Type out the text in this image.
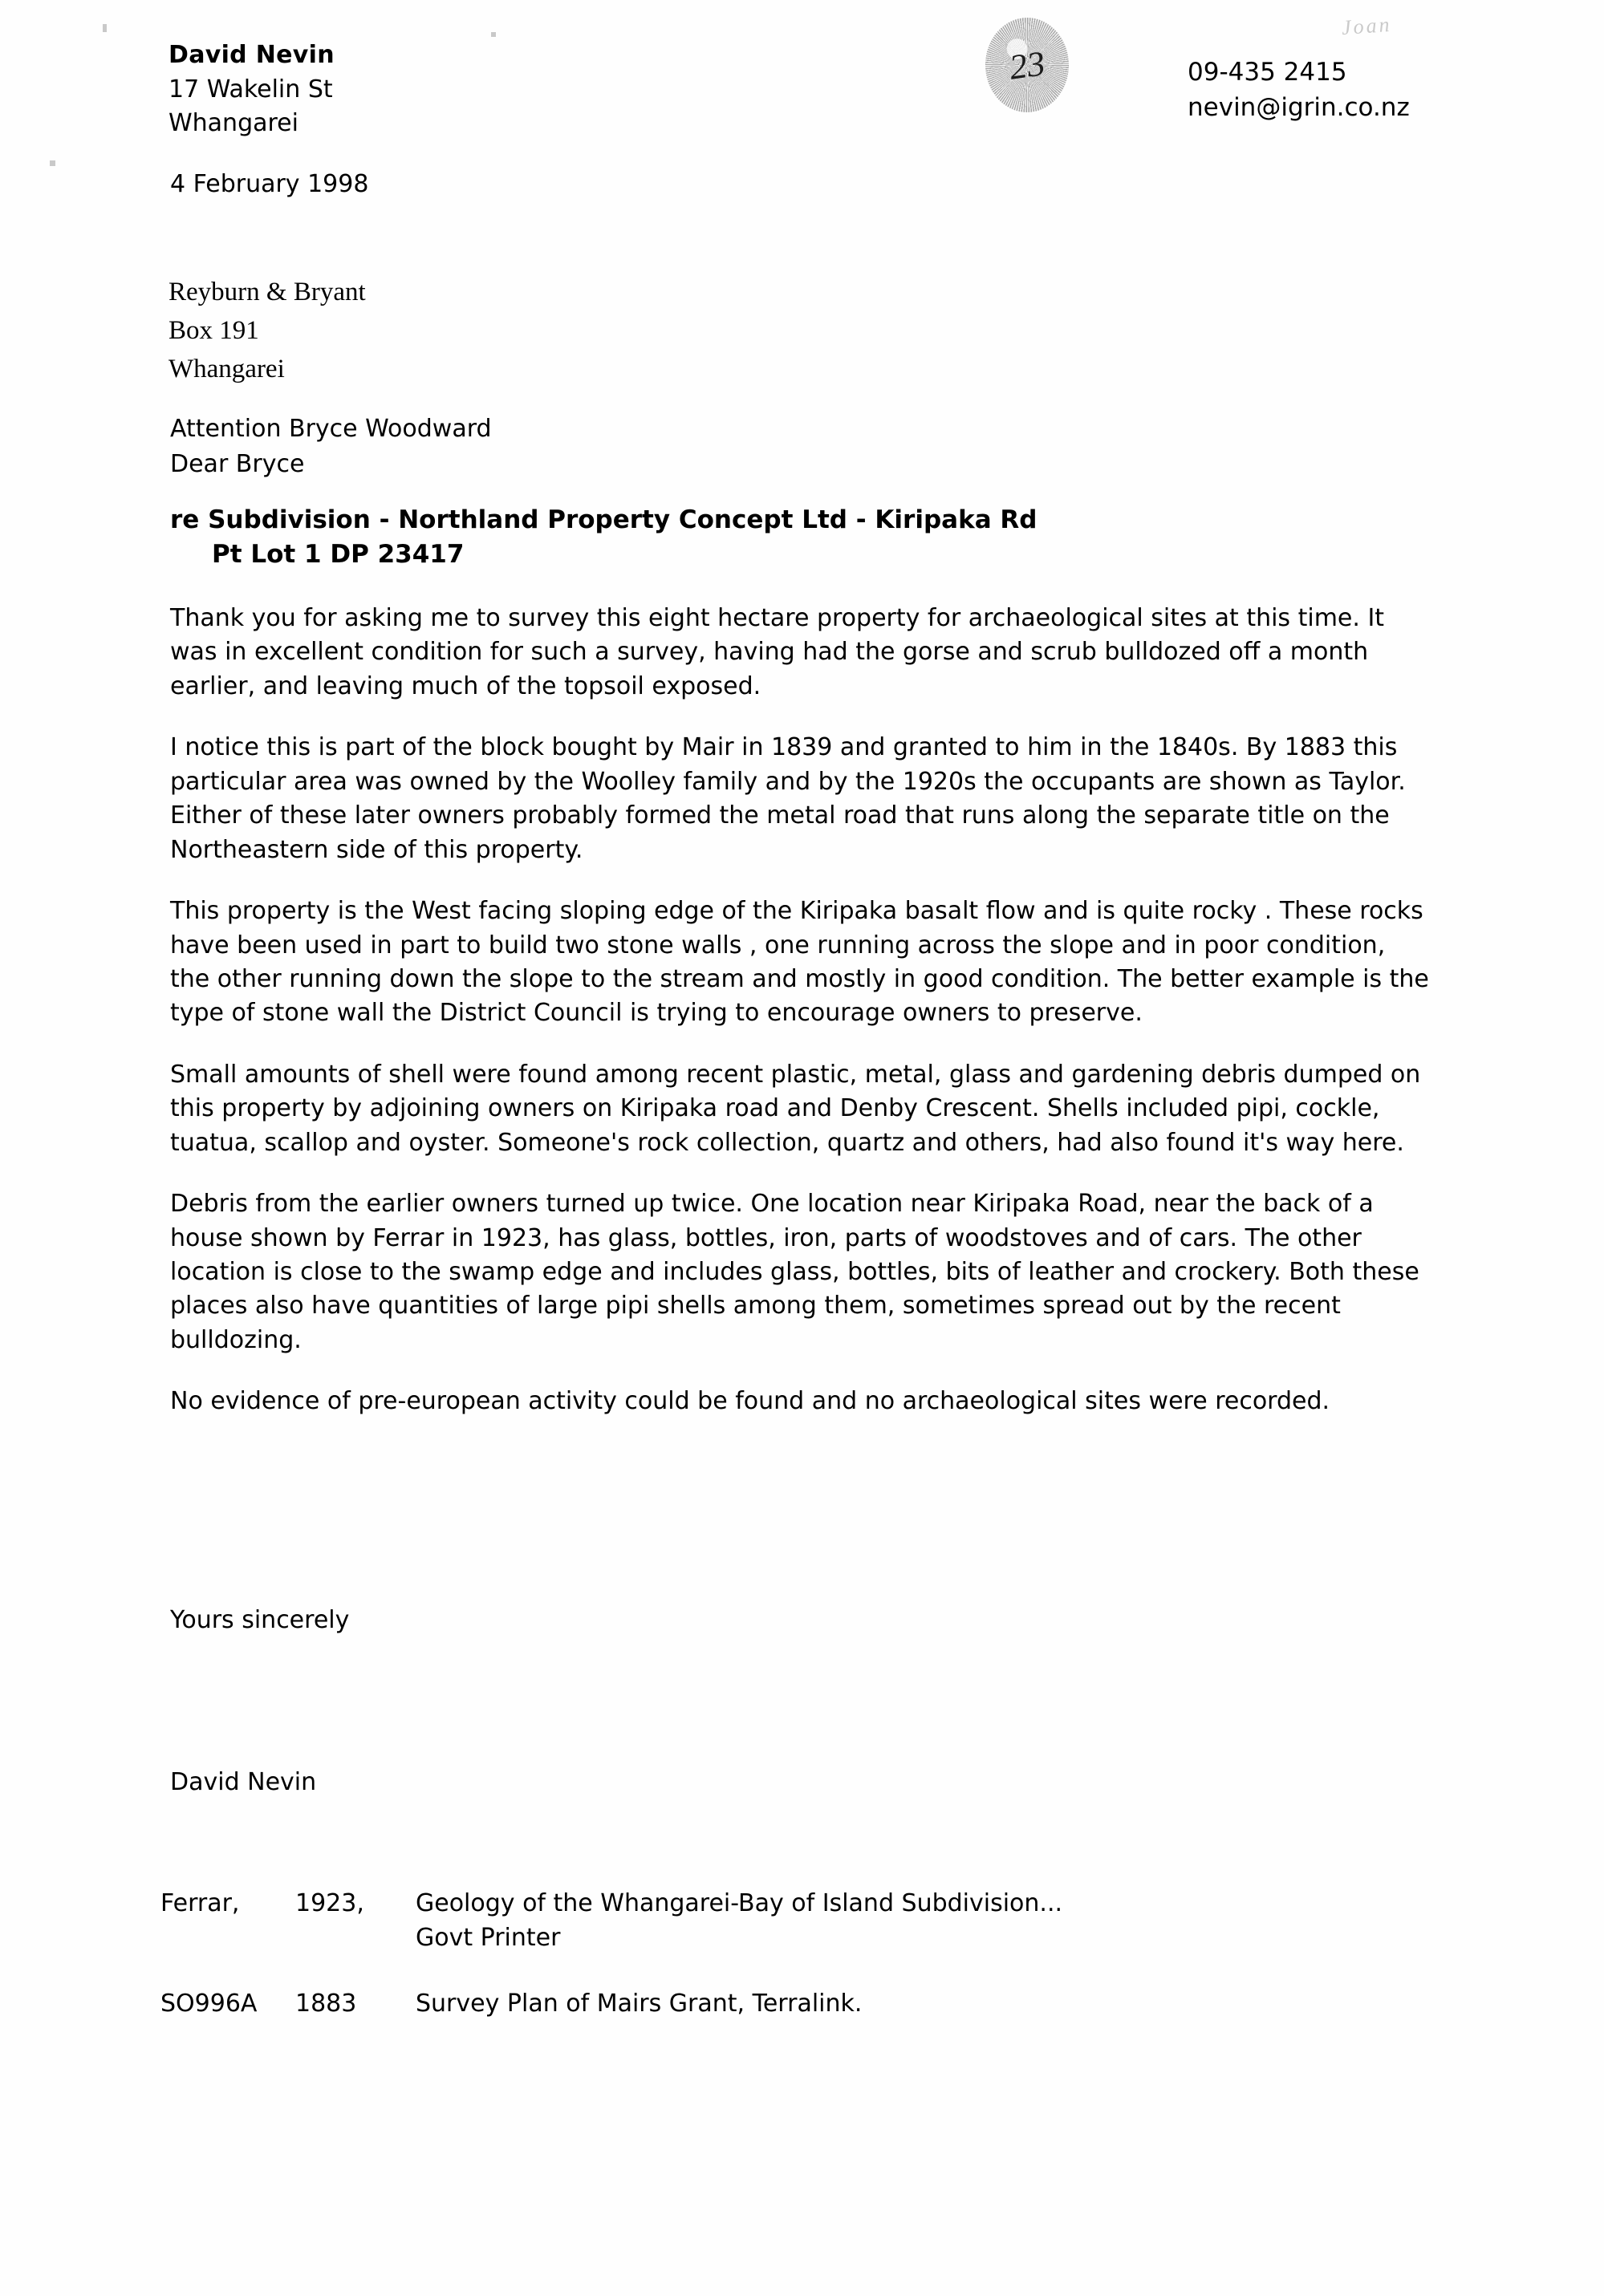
David Nevin
17 Wakelin St
Whangarei
23
Joan
09-435 2415
nevin@igrin.co.nz
4 February 1998
Reyburn & Bryant
Box 191
Whangarei
Attention Bryce Woodward
Dear Bryce
re Subdivision - Northland Property Concept Ltd - Kiripaka Rd
Pt Lot 1 DP 23417

Thank you for asking me to survey this eight hectare property for archaeological sites at this time. It was in excellent condition for such a survey, having had the gorse and scrub bulldozed off a month earlier, and leaving much of the topsoil exposed.

I notice this is part of the block bought by Mair in 1839 and granted to him in the 1840s. By 1883 this particular area was owned by the Woolley family and by the 1920s the occupants are shown as Taylor. Either of these later owners probably formed the metal road that runs along the separate title on the Northeastern side of this property.

This property is the West facing sloping edge of the Kiripaka basalt flow and is quite rocky . These rocks have been used in part to build two stone walls , one running across the slope and in poor condition, the other running down the slope to the stream and mostly in good condition. The better example is the type of stone wall the District Council is trying to encourage owners to preserve.

Small amounts of shell were found among recent plastic, metal, glass and gardening debris dumped on this property by adjoining owners on Kiripaka road and Denby Crescent. Shells included pipi, cockle, tuatua, scallop and oyster. Someone's rock collection, quartz and others, had also found it's way here.

Debris from the earlier owners turned up twice. One location near Kiripaka Road, near the back of a house shown by Ferrar in 1923, has glass, bottles, iron, parts of woodstoves and of cars. The other location is close to the swamp edge and includes glass, bottles, bits of leather and crockery. Both these places also have quantities of large pipi shells among them, sometimes spread out by the recent bulldozing.

No evidence of pre-european activity could be found and no archaeological sites were recorded.

Yours sincerely
David Nevin
Ferrar,	1923,	Geology of the Whangarei-Bay of Island Subdivision...
Govt Printer
SO996A	1883	Survey Plan of Mairs Grant, Terralink.
